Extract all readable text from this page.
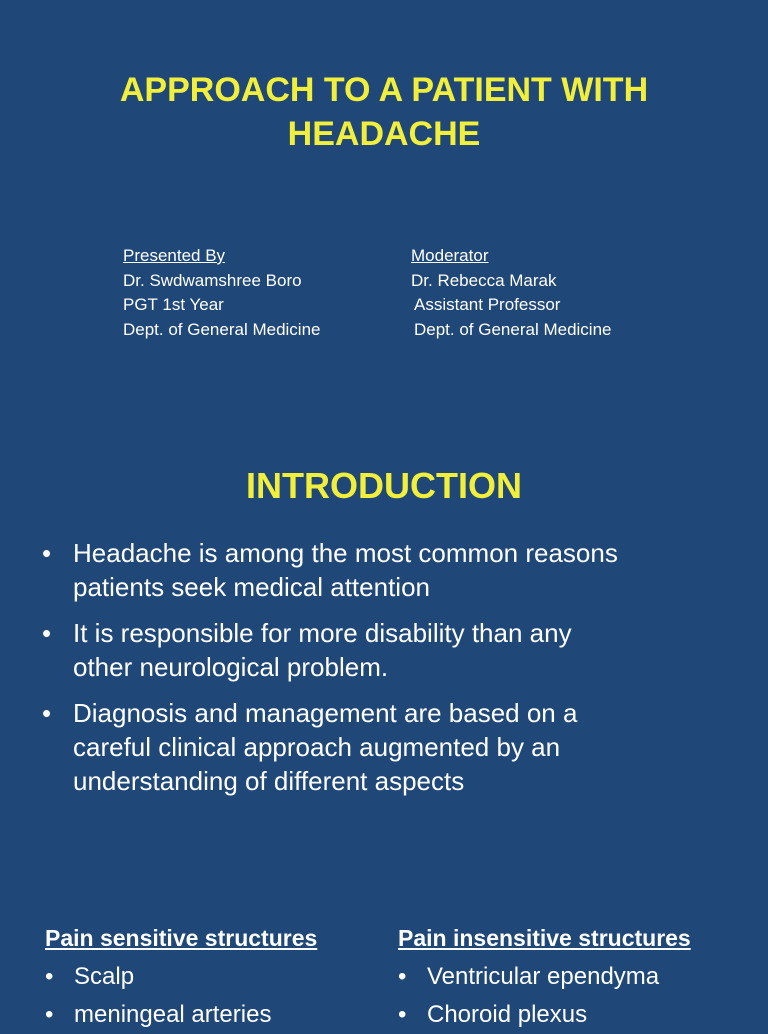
APPROACH TO A PATIENT WITH
HEADACHE
Presented By
Dr. Swdwamshree Boro
PGT 1st Year
Dept. of General Medicine
Moderator
Dr. Rebecca Marak
Assistant Professor
Dept. of General Medicine
INTRODUCTION
• Headache is among the most common reasons
patients seek medical attention
• It is responsible for more disability than any
other neurological problem.
• Diagnosis and management are based on a
careful clinical approach augmented by an
understanding of different aspects
Pain sensitive structures
• Scalp
• meningeal arteries
Pain insensitive structures
• Ventricular ependyma
• Choroid plexus
